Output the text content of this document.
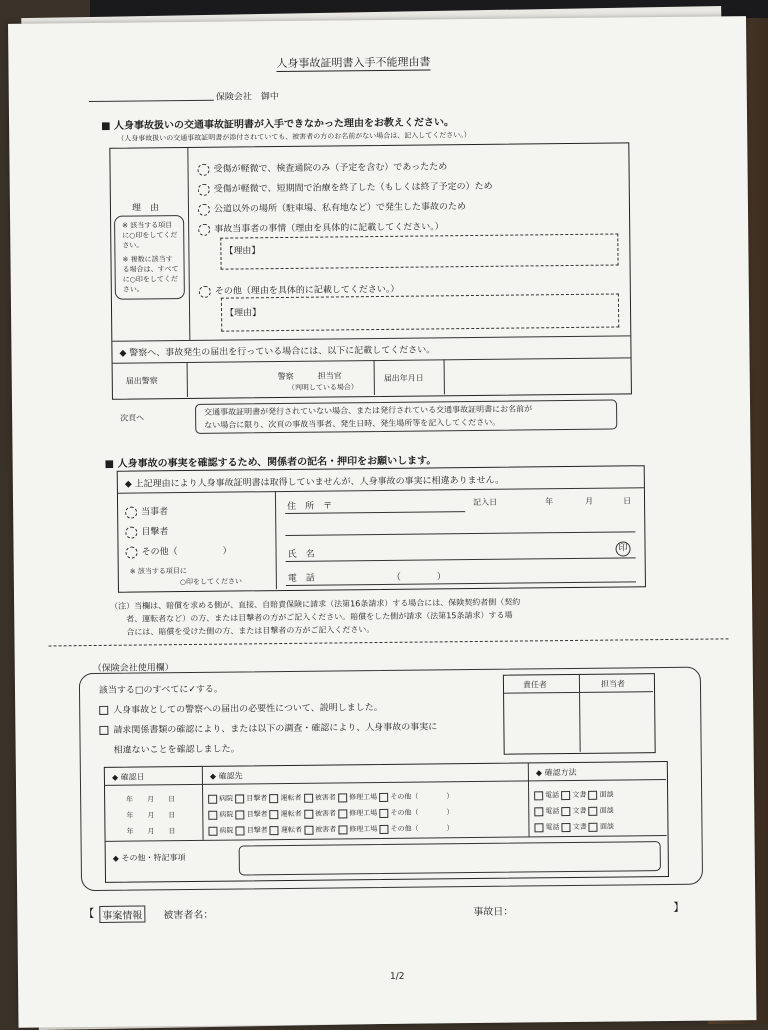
人身事故証明書入手不能理由書
保険会社　御中
■ 人身事故扱いの交通事故証明書が入手できなかった理由をお教えください。
（人身事故扱いの交通事故証明書が添付されていても、被害者の方のお名前がない場合は、記入してください。）
理　由
※ 該当する項目に○印をしてください。
※ 複数に該当する場合は、すべてに○印をしてください。
受傷が軽微で、検査通院のみ（予定を含む）であったため
受傷が軽微で、短期間で治療を終了した（もしくは終了予定の）ため
公道以外の場所（駐車場、私有地など）で発生した事故のため
事故当事者の事情（理由を具体的に記載してください。）
【理由】
その他（理由を具体的に記載してください。）
【理由】
◆ 警察へ、事故発生の届出を行っている場合には、以下に記載してください。
届出警察	警察　　　担当官
（判明している場合）
届出年月日
次頁へ
交通事故証明書が発行されていない場合、または発行されている交通事故証明書にお名前が
ない場合に限り、次頁の事故当事者、発生日時、発生場所等を記入してください。
■ 人身事故の事実を確認するため、関係者の記名・押印をお願いします。
◆ 上記理由により人身事故証明書は取得していませんが、人身事故の事実に相違ありません。
当事者
目撃者
その他（　　　　　）
※ 該当する項目に
○印をしてください
住　所　〒	記入日	年	月	日
氏　名
印
電　話	（　　　　）
（注）当欄は、賠償を求める側が、直接、自賠責保険に請求（法第16条請求）する場合には、保険契約者側（契約
者、運転者など）の方、または目撃者の方がご記入ください。賠償をした側が請求（法第15条請求）する場
合には、賠償を受けた側の方、または目撃者の方がご記入ください。
（保険会社使用欄）
該当する□のすべてに✓する。
人身事故としての警察への届出の必要性について、説明しました。
請求関係書類の確認により、または以下の調査・確認により、人身事故の事実に
相違ないことを確認しました。
責任者	担当者
◆ 確認日	◆ 確認先	◆ 確認方法
年　　月　　日	病院 目撃者 運転者 被害者 修理工場 その他（　　　　）	電話 文書 面談
年　　月　　日	病院 目撃者 運転者 被害者 修理工場 その他（　　　　）	電話 文書 面談
年　　月　　日	病院 目撃者 運転者 被害者 修理工場 その他（　　　　）	電話 文書 面談
◆ その他・特記事項
【 事案情報	被害者名：	事故日：	】
1/2
